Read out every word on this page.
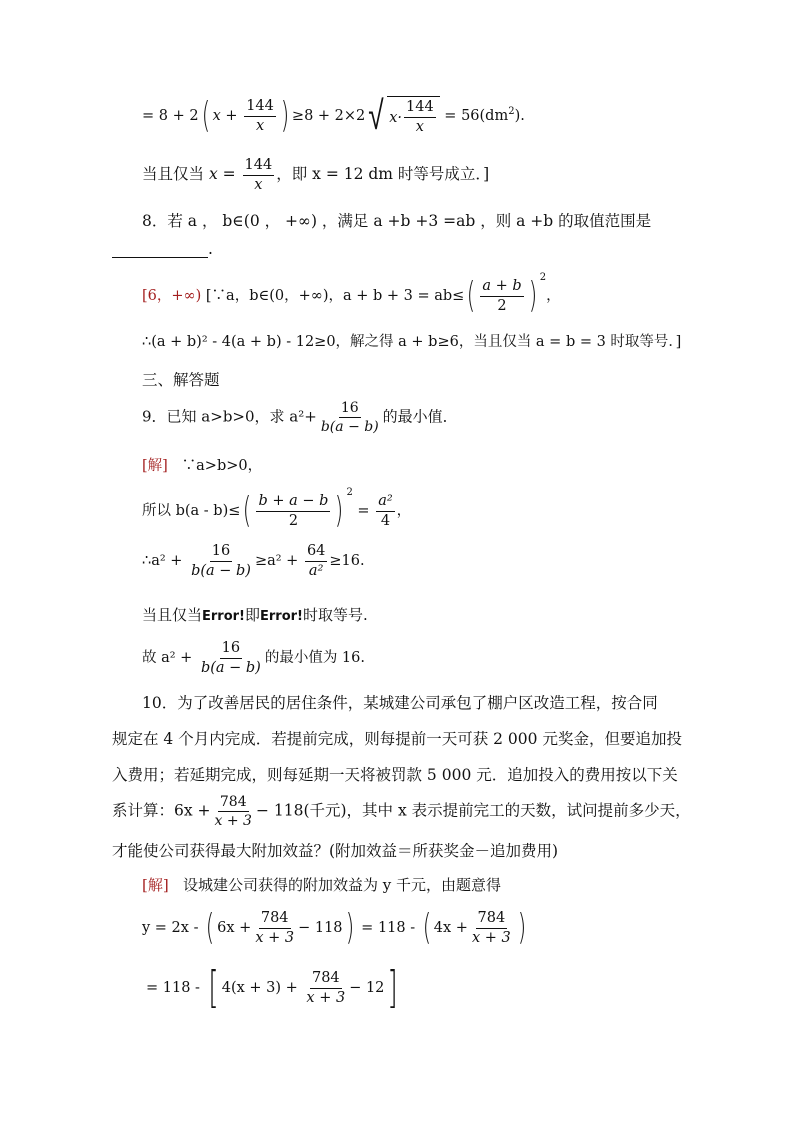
= 8 + 2( $x + \frac{144}{x}$ ) ≥8 + 2×2 √ $x\cdot \frac{144}{x} = 56(dm^2)$.
当且仅当 $x = \frac{144}{x}$ ，即 x = 12 dm 时等号成立．]
8．若 a ， b∈(0 ， +∞) ，满足 a +b +3 =ab ，则 a +b 的取值范围是
.
[6，+∞) [∵a，b∈(0，+∞)，$a + b + 3 = ab\le( \frac{a + b}{2}$ ) $^2$，
∴(a + b)² - 4(a + b) - 12≥0，解之得 a + b≥6，当且仅当 a = b = 3 时取等号．]
三、解答题
9．已知 a>b>0，求 $a^2+ \frac{16}{b(a - b)}$ 的最小值．
[解] ∵a>b>0，
所以 $b(a - b)\le( \frac{b + a - b}{2}$ ) $^2 = \frac{\text{a²}}{4}$ ，
∴a² + $\frac{16}{b(a - b)} \ge a^2 + \frac{64}{\text{a²}} \ge 16$.
当且仅当Error!即Error!时取等号.
故 $a^2 + \frac{16}{b(a - b)}$ 的最小值为 16.
10．为了改善居民的居住条件，某城建公司承包了棚户区改造工程，按合同
规定在 4 个月内完成．若提前完成，则每提前一天可获 2 000 元奖金，但要追加投
入费用；若延期完成，则每延期一天将被罚款 5 000 元．追加投入的费用按以下关
系计算：$6x + \frac{784}{x + 3} - 118$(千元)，其中 x 表示提前完工的天数，试问提前多少天，
才能使公司获得最大附加效益？(附加效益＝所获奖金－追加费用)
[解] 设城建公司获得的附加效益为 y 千元，由题意得
y = 2x - ( $6x + \frac{784}{x + 3} - 118) = 118$ - ( $4x + \frac{784}{x + 3}$ )
= 118 - [ $4(x + 3) + \frac{784}{x + 3} - 12$]
